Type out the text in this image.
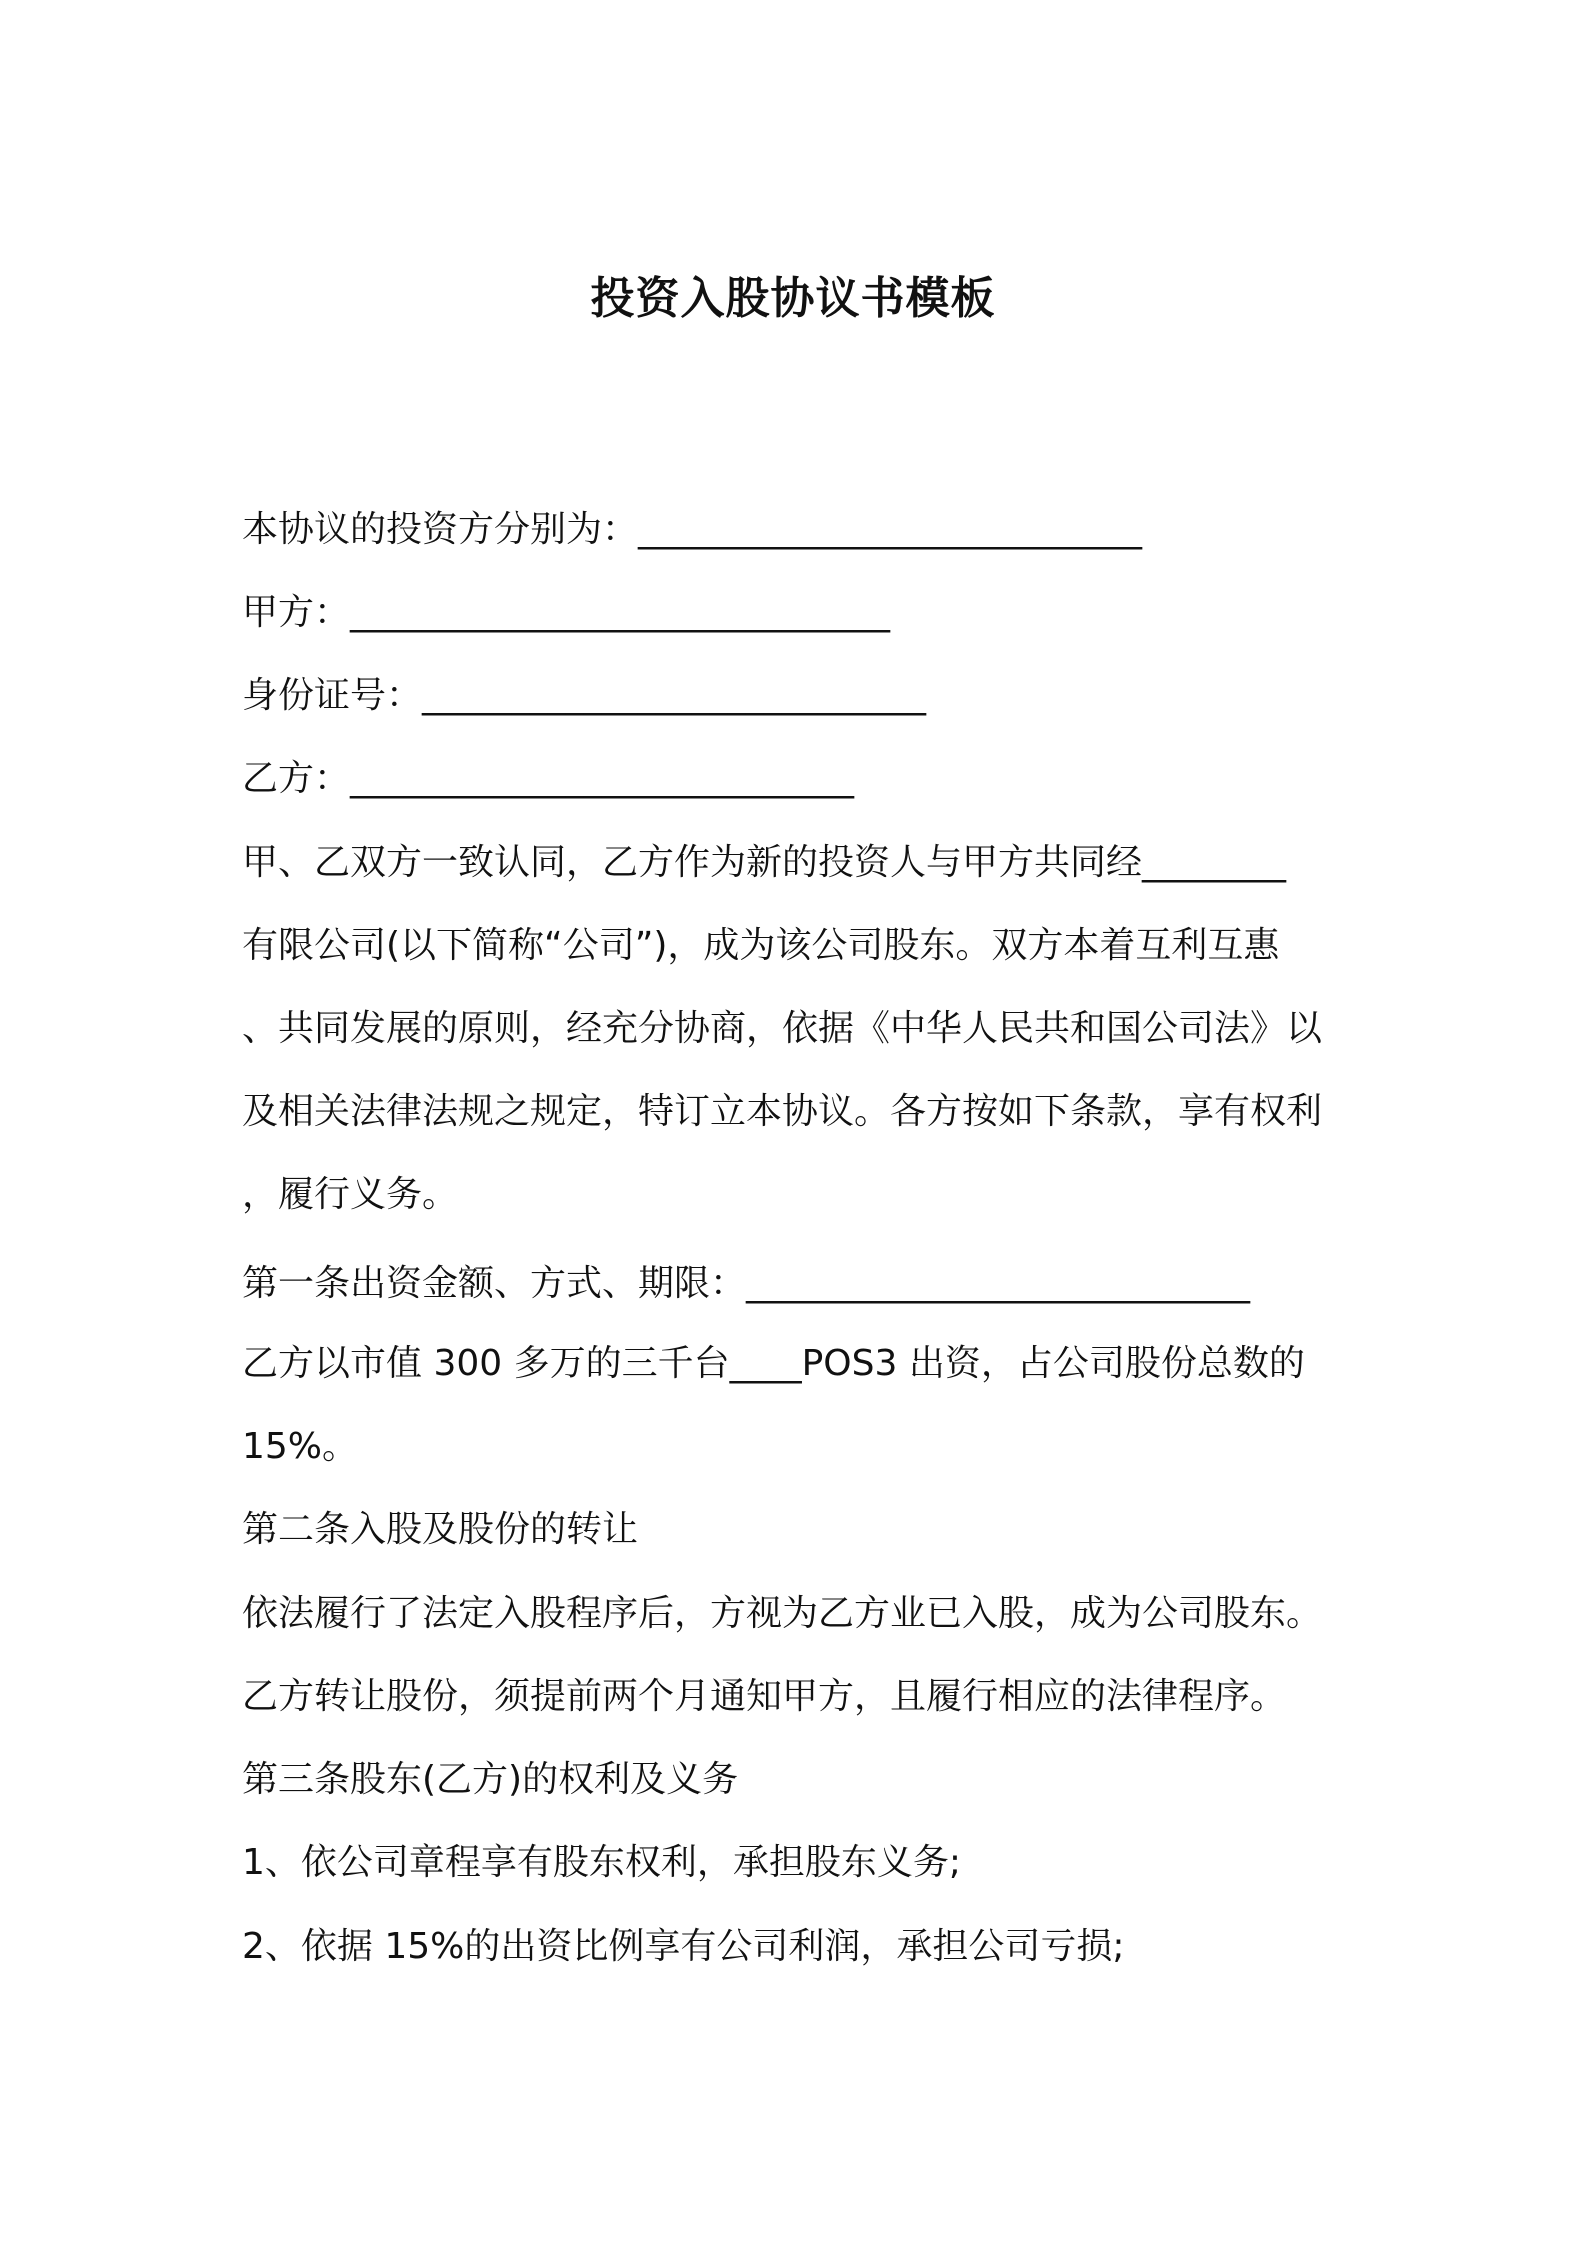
投资入股协议书模板

本协议的投资方分别为：____________________________

甲方：______________________________

身份证号：____________________________

乙方：____________________________

甲、乙双方一致认同，乙方作为新的投资人与甲方共同经________

有限公司(以下简称“公司”)，成为该公司股东。双方本着互利互惠

、共同发展的原则，经充分协商，依据《中华人民共和国公司法》以

及相关法律法规之规定，特订立本协议。各方按如下条款，享有权利

，履行义务。

第一条出资金额、方式、期限：____________________________

乙方以市值 300 多万的三千台____POS3 出资，占公司股份总数的

15%。

第二条入股及股份的转让

依法履行了法定入股程序后，方视为乙方业已入股，成为公司股东。

乙方转让股份，须提前两个月通知甲方，且履行相应的法律程序。

第三条股东(乙方)的权利及义务

1、依公司章程享有股东权利，承担股东义务;

2、依据 15%的出资比例享有公司利润，承担公司亏损;
